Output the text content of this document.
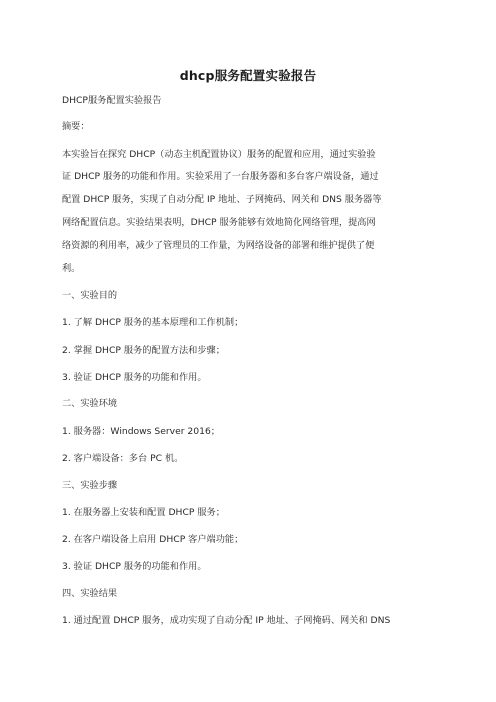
dhcp服务配置实验报告
DHCP服务配置实验报告
摘要：
本实验旨在探究 DHCP（动态主机配置协议）服务的配置和应用，通过实验验
证 DHCP 服务的功能和作用。实验采用了一台服务器和多台客户端设备，通过
配置 DHCP 服务，实现了自动分配 IP 地址、子网掩码、网关和 DNS 服务器等
网络配置信息。实验结果表明，DHCP 服务能够有效地简化网络管理，提高网
络资源的利用率，减少了管理员的工作量，为网络设备的部署和维护提供了便
利。
一、实验目的
1. 了解 DHCP 服务的基本原理和工作机制；
2. 掌握 DHCP 服务的配置方法和步骤；
3. 验证 DHCP 服务的功能和作用。
二、实验环境
1. 服务器：Windows Server 2016；
2. 客户端设备：多台 PC 机。
三、实验步骤
1. 在服务器上安装和配置 DHCP 服务；
2. 在客户端设备上启用 DHCP 客户端功能；
3. 验证 DHCP 服务的功能和作用。
四、实验结果
1. 通过配置 DHCP 服务，成功实现了自动分配 IP 地址、子网掩码、网关和 DNS
